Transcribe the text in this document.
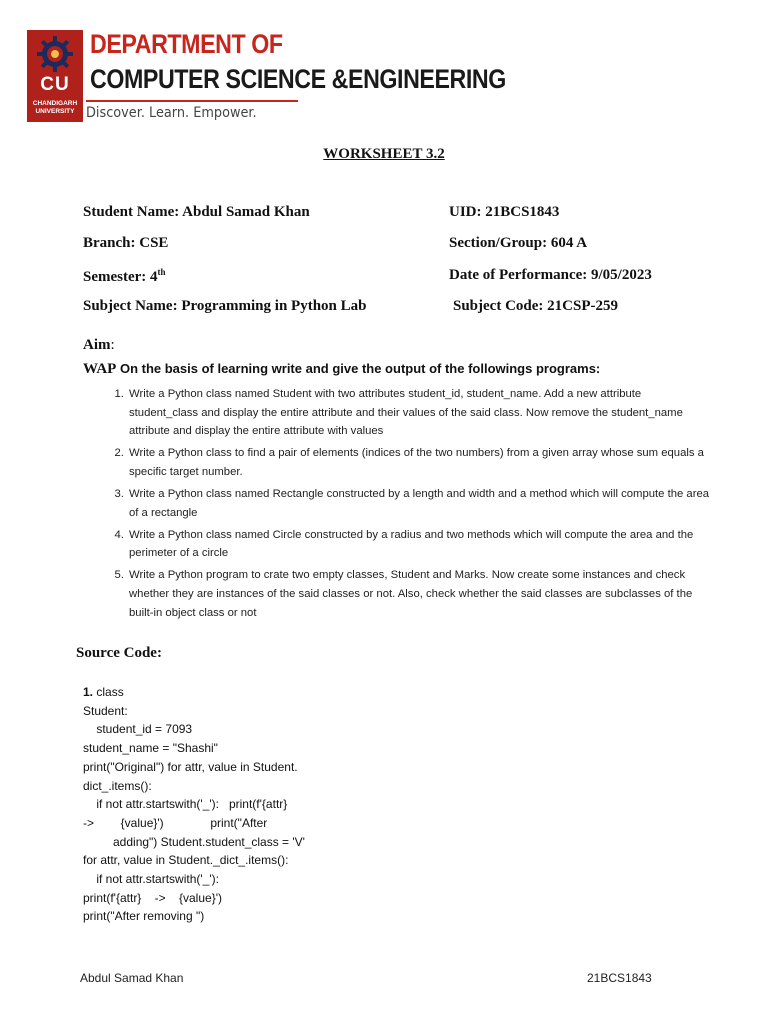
CU
CHANDIGARH
UNIVERSITY
DEPARTMENT OF
COMPUTER SCIENCE &ENGINEERING
Discover. Learn. Empower.
WORKSHEET 3.2
Student Name: Abdul Samad Khan	UID: 21BCS1843
Branch: CSE	Section/Group: 604 A
Semester: 4th	Date of Performance: 9/05/2023
Subject Name: Programming in Python Lab	Subject Code: 21CSP-259
Aim:
WAP On the basis of learning write and give the output of the followings programs:
1. Write a Python class named Student with two attributes student_id, student_name. Add a new attribute student_class and display the entire attribute and their values of the said class. Now remove the student_name attribute and display the entire attribute with values
2. Write a Python class to find a pair of elements (indices of the two numbers) from a given array whose sum equals a specific target number.
3. Write a Python class named Rectangle constructed by a length and width and a method which will compute the area of a rectangle
4. Write a Python class named Circle constructed by a radius and two methods which will compute the area and the perimeter of a circle
5. Write a Python program to crate two empty classes, Student and Marks. Now create some instances and check whether they are instances of the said classes or not. Also, check whether the said classes are subclasses of the built-in object class or not
Source Code:
1. class
Student:
student_id = 7093
student_name = "Shashi"
print("Original") for attr, value in Student.
dict_.items():
if not attr.startswith('_'):   print(f'{attr}
->        {value}')              print("After
adding") Student.student_class = 'V'
for attr, value in Student._dict_.items():
if not attr.startswith('_'):
print(f'{attr}    ->    {value}')
print("After removing ")
Abdul Samad Khan	21BCS1843
